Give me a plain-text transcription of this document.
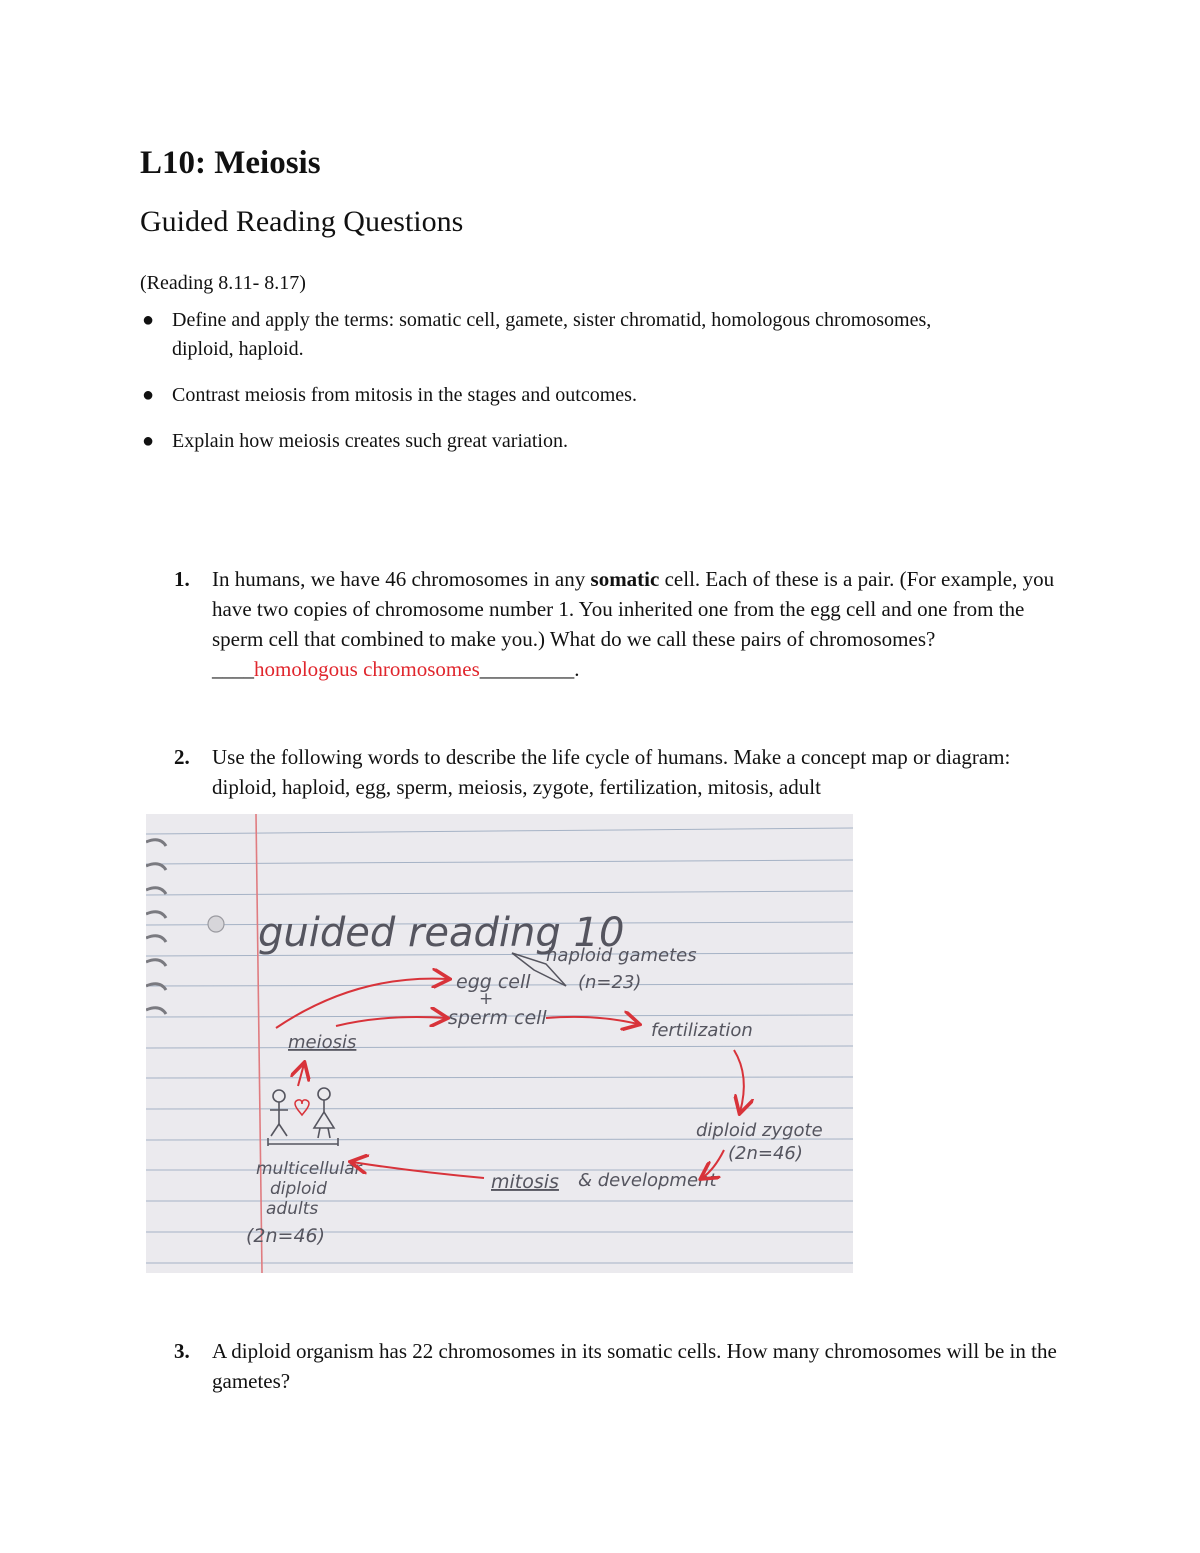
L10: Meiosis
Guided Reading Questions
(Reading 8.11- 8.17)
● Define and apply the terms: somatic cell, gamete, sister chromatid, homologous chromosomes, diploid, haploid.
● Contrast meiosis from mitosis in the stages and outcomes.
● Explain how meiosis creates such great variation.
1. In humans, we have 46 chromosomes in any somatic cell. Each of these is a pair. (For example, you have two copies of chromosome number 1. You inherited one from the egg cell and one from the sperm cell that combined to make you.) What do we call these pairs of chromosomes? ____homologous chromosomes_________.
2. Use the following words to describe the life cycle of humans. Make a concept map or diagram: diploid, haploid, egg, sperm, meiosis, zygote, fertilization, mitosis, adult
guided reading 10
haploid gametes
(n=23)
egg cell
+
sperm cell
fertilization
meiosis
diploid zygote
(2n=46)
mitosis & development
multicellular
diploid
adults
(2n=46)
3. A diploid organism has 22 chromosomes in its somatic cells. How many chromosomes will be in the gametes?
